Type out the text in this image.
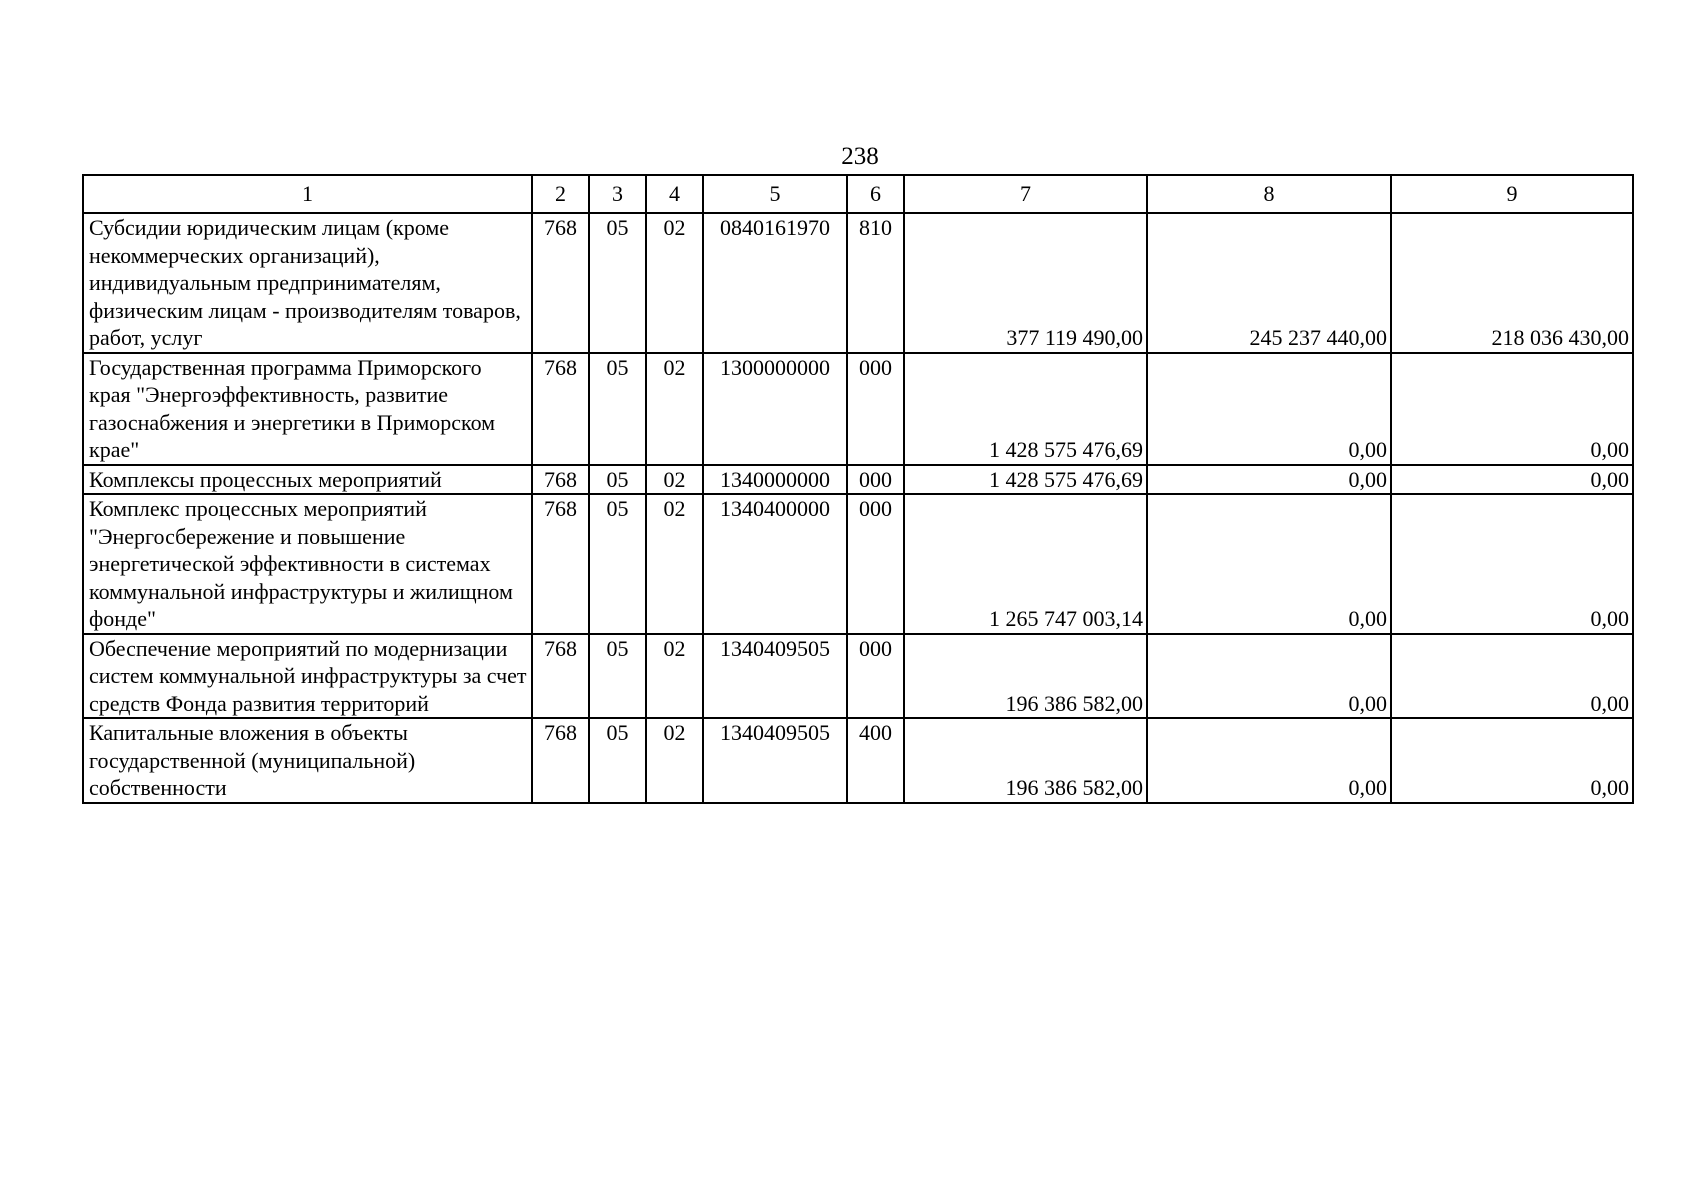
238
1	2	3	4	5	6	7	8	9
Субсидии юридическим лицам (кроме некоммерческих организаций), индивидуальным предпринимателям, физическим лицам - производителям товаров, работ, услуг	768	05	02	0840161970	810	377 119 490,00	245 237 440,00	218 036 430,00
Государственная программа Приморского края "Энергоэффективность, развитие газоснабжения и энергетики в Приморском крае"	768	05	02	1300000000	000	1 428 575 476,69	0,00	0,00
Комплексы процессных мероприятий	768	05	02	1340000000	000	1 428 575 476,69	0,00	0,00
Комплекс процессных мероприятий "Энергосбережение и повышение энергетической эффективности в системах коммунальной инфраструктуры и жилищном фонде"	768	05	02	1340400000	000	1 265 747 003,14	0,00	0,00
Обеспечение мероприятий по модернизации систем коммунальной инфраструктуры за счет средств Фонда развития территорий	768	05	02	1340409505	000	196 386 582,00	0,00	0,00
Капитальные вложения в объекты государственной (муниципальной) собственности	768	05	02	1340409505	400	196 386 582,00	0,00	0,00
